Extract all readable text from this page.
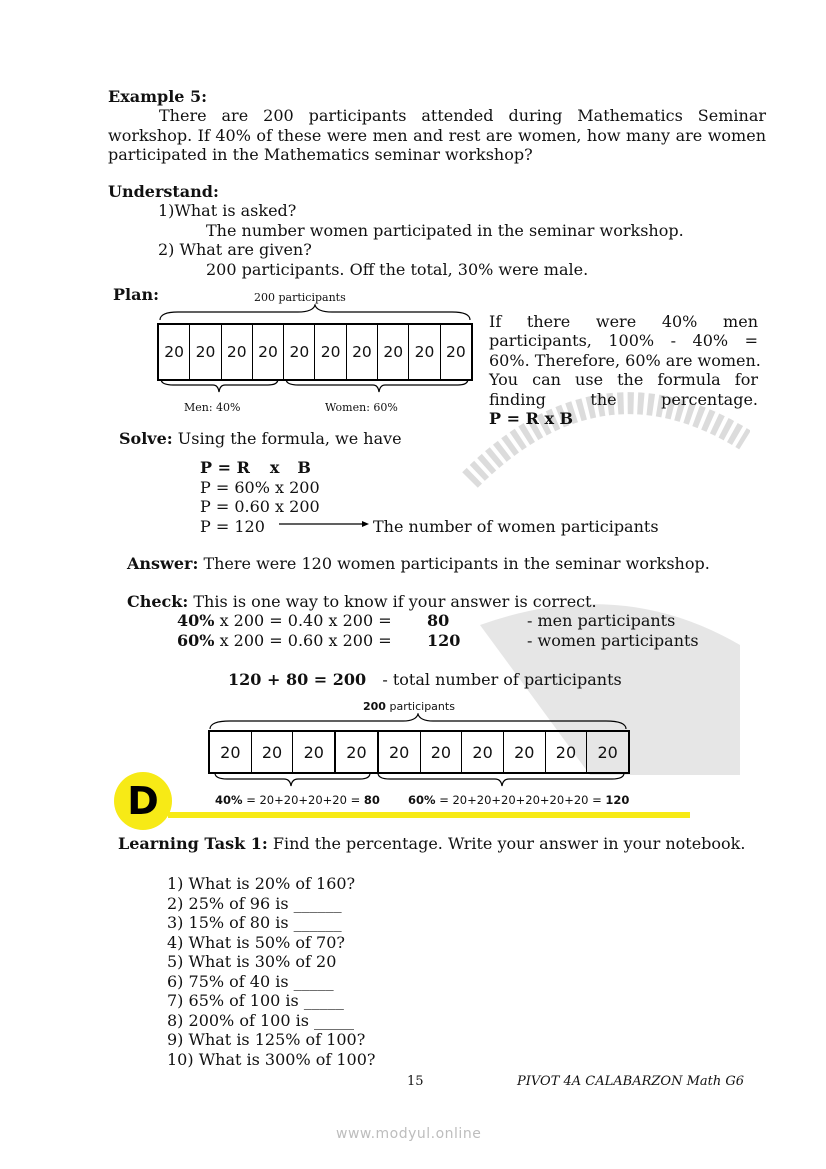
Example 5:
There are 200 participants attended during Mathematics Seminar
workshop. If 40% of these were men and rest are women, how many are women
participated in the Mathematics seminar workshop?
Understand:
1)What is asked?
The number women participated in the seminar workshop.
2) What are given?
200 participants. Off the total, 30% were male.
Plan:	200 participants
20 20 20 20 20 20 20 20 20 20
Men: 40%	Women: 60%
If there were 40% men
participants, 100% - 40% =
60%. Therefore, 60% are women.
You can use the formula for
finding the percentage.
P = R x B
Solve: Using the formula, we have
P = R x B
P = 60% x 200
P = 0.60 x 200
P = 120	The number of women participants
Answer: There were 120 women participants in the seminar workshop.
Check: This is one way to know if your answer is correct.
40% x 200 = 0.40 x 200 = 80	- men participants
60% x 200 = 0.60 x 200 = 120	- women participants
120 + 80 = 200 - total number of participants
200 participants
20	20	20	20	20	20	20	20	20	20
40% = 20+20+20+20 = 80 60% = 20+20+20+20+20+20 = 120
D
Learning Task 1: Find the percentage. Write your answer in your notebook.
1) What is 20% of 160?
2) 25% of 96 is ______
3) 15% of 80 is ______
4) What is 50% of 70?
5) What is 30% of 20
6) 75% of 40 is _____
7) 65% of 100 is _____
8) 200% of 100 is _____
9) What is 125% of 100?
10) What is 300% of 100?
15	PIVOT 4A CALABARZON Math G6
www.modyul.online
